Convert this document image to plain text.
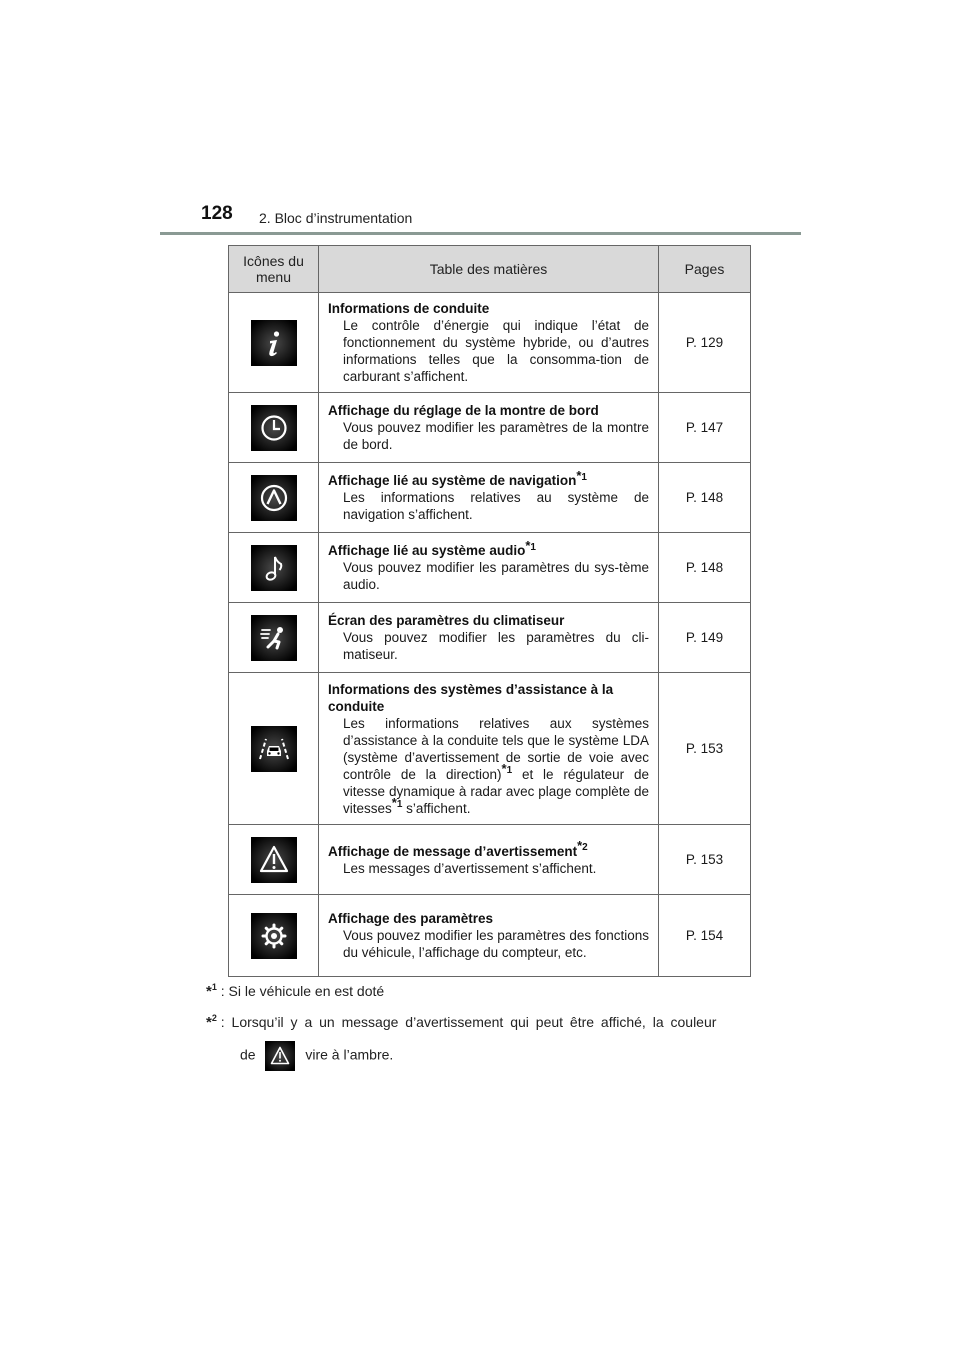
128 2. Bloc d’instrumentation
Icônes du menu	Table des matières	Pages

Informations de conduite
Le contrôle d’énergie qui indique l’état de fonctionnement du système hybride, ou d’autres informations telles que la consomma-tion de carburant s’affichent.	P. 129

Affichage du réglage de la montre de bord
Vous pouvez modifier les paramètres de la montre de bord.	P. 147

Affichage lié au système de navigation$^{*1}$
Les informations relatives au système de navigation s’affichent.	P. 148

Affichage lié au système audio$^{*1}$
Vous pouvez modifier les paramètres du sys-tème audio.	P. 148

Écran des paramètres du climatiseur
Vous pouvez modifier les paramètres du cli-matiseur.	P. 149

Informations des systèmes d’assistance à la conduite
Les informations relatives aux systèmes d’assistance à la conduite tels que le système LDA (système d’avertissement de sortie de voie avec contrôle de la direction)$^{*1}$ et le régulateur de vitesse dynamique à radar avec plage complète de vitesses$^{*1}$ s’affichent.	P. 153

Affichage de message d’avertissement$^{*2}$
Les messages d’avertissement s’affichent.	P. 153

Affichage des paramètres
Vous pouvez modifier les paramètres des fonctions du véhicule, l’affichage du compteur, etc.	P. 154
*$^1$ : Si le véhicule en est doté
*$^2$ : Lorsqu’il y a un message d’avertissement qui peut être affiché, la couleur
de	vire à l’ambre.
